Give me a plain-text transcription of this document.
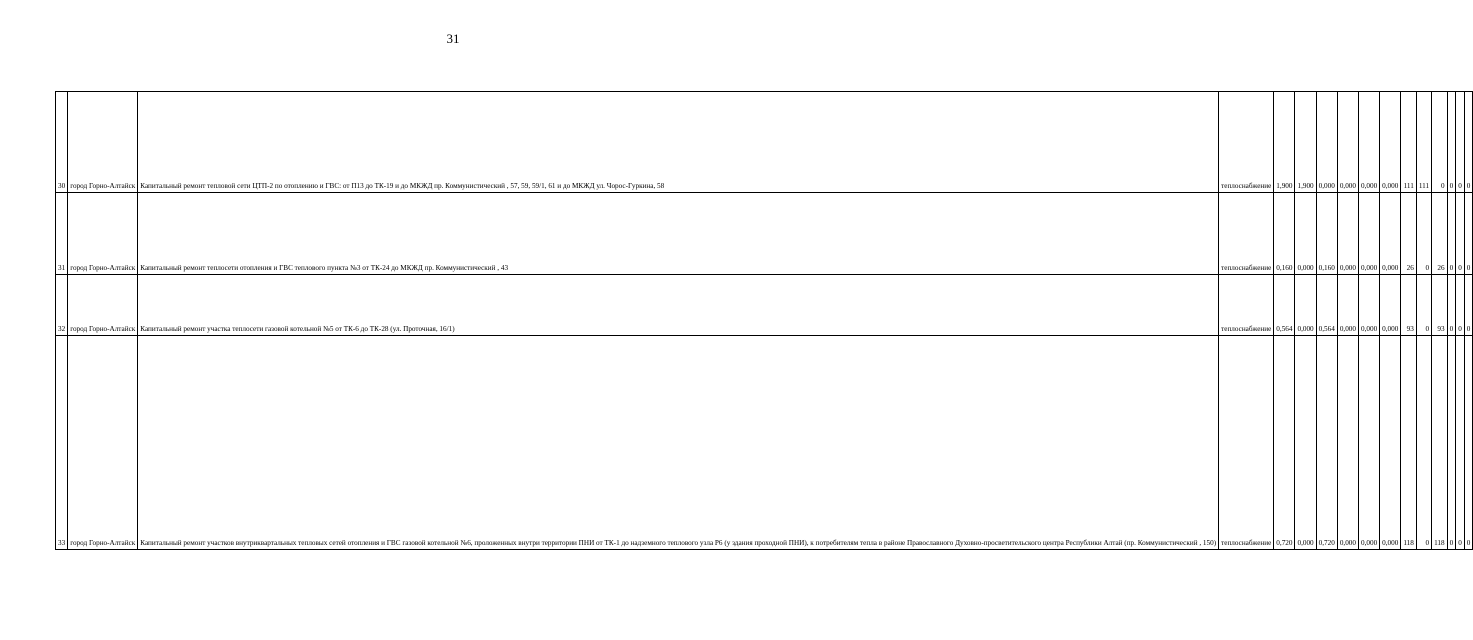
31
30	город Горно-Алтайск	Капитальный ремонт тепловой сети ЦТП-2 по отоплению и ГВС: от П13 до ТК-19 и до МКЖД пр. Коммунистический , 57, 59, 59/1, 61 и до МКЖД ул. Чорос-Гуркина, 58	теплоснабжение	1,900	1,900	0,000	0,000	0,000	0,000	111	111	0	0	0	0
31	город Горно-Алтайск	Капитальный ремонт теплосети отопления и ГВС теплового пункта №3 от ТК-24 до МКЖД пр. Коммунистический , 43	теплоснабжение	0,160	0,000	0,160	0,000	0,000	0,000	26	0	26	0	0	0
32	город Горно-Алтайск	Капитальный ремонт участка теплосети газовой котельной №5 от ТК-6 до ТК-28 (ул. Проточная, 16/1)	теплоснабжение	0,564	0,000	0,564	0,000	0,000	0,000	93	0	93	0	0	0
33	город Горно-Алтайск	Капитальный ремонт участков внутриквартальных тепловых сетей отопления и ГВС газовой котельной №6, проложенных внутри территории ПНИ от ТК-1 до надземного теплового узла Р6 (у здания проходной ПНИ), к потребителям тепла в районе Православного Духовно-просветительского центра Республики Алтай (пр. Коммунистический , 150)	теплоснабжение	0,720	0,000	0,720	0,000	0,000	0,000	118	0	118	0	0	0
